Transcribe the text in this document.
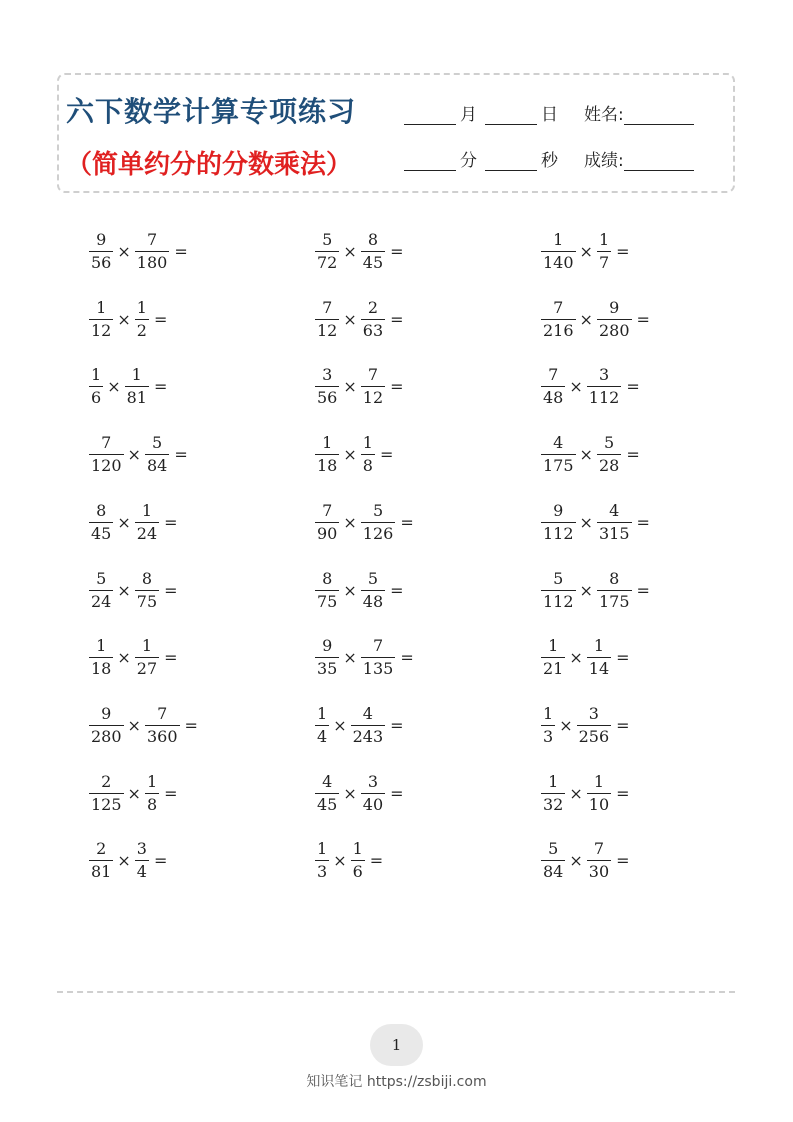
六下数学计算专项练习
（简单约分的分数乘法）
月	日 姓名:
分	秒 成绩:
$\frac{9}{56} \times \frac{7}{180}$ =	$\frac{5}{72} \times \frac{8}{45}$ =	$\frac{1}{140} \times \frac{1}{7}$ =
$\frac{1}{12} \times \frac{1}{2}$ =	$\frac{7}{12} \times \frac{2}{63}$ =	$\frac{7}{216} \times \frac{9}{280}$ =
$\frac{1}{6} \times \frac{1}{81}$ =	$\frac{3}{56} \times \frac{7}{12}$ =	$\frac{7}{48} \times \frac{3}{112}$ =
$\frac{7}{120} \times \frac{5}{84}$ =	$\frac{1}{18} \times \frac{1}{8}$ =	$\frac{4}{175} \times \frac{5}{28}$ =
$\frac{8}{45} \times \frac{1}{24}$ =	$\frac{7}{90} \times \frac{5}{126}$ =	$\frac{9}{112} \times \frac{4}{315}$ =
$\frac{5}{24} \times \frac{8}{75}$ =	$\frac{8}{75} \times \frac{5}{48}$ =	$\frac{5}{112} \times \frac{8}{175}$ =
$\frac{1}{18} \times \frac{1}{27}$ =	$\frac{9}{35} \times \frac{7}{135}$ =	$\frac{1}{21} \times \frac{1}{14}$ =
$\frac{9}{280} \times \frac{7}{360}$ =	$\frac{1}{4} \times \frac{4}{243}$ =	$\frac{1}{3} \times \frac{3}{256}$ =
$\frac{2}{125} \times \frac{1}{8}$ =	$\frac{4}{45} \times \frac{3}{40}$ =	$\frac{1}{32} \times \frac{1}{10}$ =
$\frac{2}{81} \times \frac{3}{4}$ =	$\frac{1}{3} \times \frac{1}{6}$ =	$\frac{5}{84} \times \frac{7}{30}$ =
1
知识笔记 https://zsbiji.com
